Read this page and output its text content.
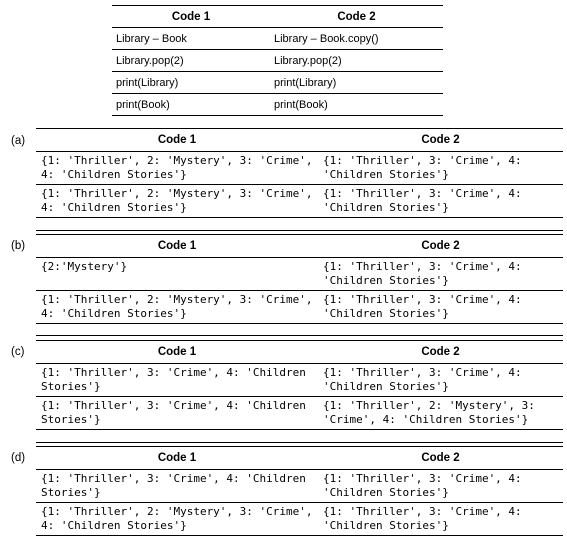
Code 1	Code 2
Library – Book	Library – Book.copy()
Library.pop(2)	Library.pop(2)
print(Library)	print(Library)
print(Book)	print(Book)
(a)	Code 1	Code 2
{1: 'Thriller', 2: 'Mystery', 3: 'Crime', 4: 'Children Stories'}	{1: 'Thriller', 3: 'Crime', 4: 'Children Stories'}
{1: 'Thriller', 2: 'Mystery', 3: 'Crime', 4: 'Children Stories'}	{1: 'Thriller', 3: 'Crime', 4: 'Children Stories'}
(b)	Code 1	Code 2
{2:'Mystery'}	{1: 'Thriller', 3: 'Crime', 4: 'Children Stories'}
{1: 'Thriller', 2: 'Mystery', 3: 'Crime', 4: 'Children Stories'}	{1: 'Thriller', 3: 'Crime', 4: 'Children Stories'}
(c)	Code 1	Code 2
{1: 'Thriller', 3: 'Crime', 4: 'Children Stories'}	{1: 'Thriller', 3: 'Crime', 4: 'Children Stories'}
{1: 'Thriller', 3: 'Crime', 4: 'Children Stories'}	{1: 'Thriller', 2: 'Mystery', 3: 'Crime', 4: 'Children Stories'}
(d)	Code 1	Code 2
{1: 'Thriller', 3: 'Crime', 4: 'Children Stories'}	{1: 'Thriller', 3: 'Crime', 4: 'Children Stories'}
{1: 'Thriller', 2: 'Mystery', 3: 'Crime', 4: 'Children Stories'}	{1: 'Thriller', 3: 'Crime', 4: 'Children Stories'}
